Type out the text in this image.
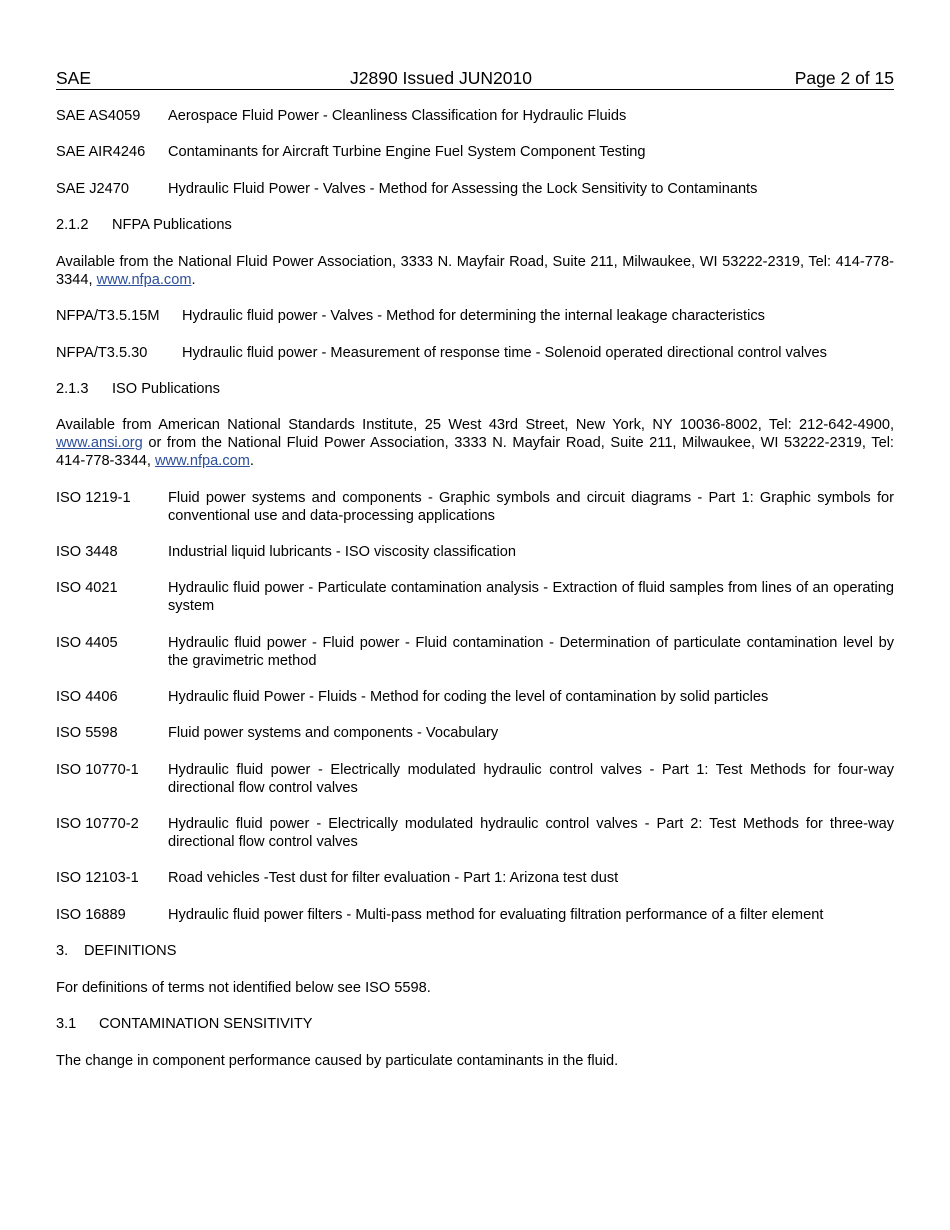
SAE	J2890 Issued JUN2010	Page 2 of 15
SAE AS4059	Aerospace Fluid Power - Cleanliness Classification for Hydraulic Fluids
SAE AIR4246	Contaminants for Aircraft Turbine Engine Fuel System Component Testing
SAE J2470	Hydraulic Fluid Power - Valves - Method for Assessing the Lock Sensitivity to Contaminants
2.1.2 NFPA Publications
Available from the National Fluid Power Association, 3333 N. Mayfair Road, Suite 211, Milwaukee, WI 53222-2319, Tel: 414-778-3344, www.nfpa.com.
NFPA/T3.5.15M	Hydraulic fluid power - Valves - Method for determining the internal leakage characteristics
NFPA/T3.5.30	Hydraulic fluid power - Measurement of response time - Solenoid operated directional control valves
2.1.3 ISO Publications
Available from American National Standards Institute, 25 West 43rd Street, New York, NY 10036-8002, Tel: 212-642-4900, www.ansi.org or from the National Fluid Power Association, 3333 N. Mayfair Road, Suite 211, Milwaukee, WI 53222-2319, Tel: 414-778-3344, www.nfpa.com.
ISO 1219-1	Fluid power systems and components - Graphic symbols and circuit diagrams - Part 1: Graphic symbols for conventional use and data-processing applications
ISO 3448	Industrial liquid lubricants - ISO viscosity classification
ISO 4021	Hydraulic fluid power - Particulate contamination analysis - Extraction of fluid samples from lines of an operating system
ISO 4405	Hydraulic fluid power - Fluid power - Fluid contamination - Determination of particulate contamination level by the gravimetric method
ISO 4406	Hydraulic fluid Power - Fluids - Method for coding the level of contamination by solid particles
ISO 5598	Fluid power systems and components - Vocabulary
ISO 10770-1	Hydraulic fluid power - Electrically modulated hydraulic control valves - Part 1: Test Methods for four-way directional flow control valves
ISO 10770-2	Hydraulic fluid power - Electrically modulated hydraulic control valves - Part 2: Test Methods for three-way directional flow control valves
ISO 12103-1	Road vehicles -Test dust for filter evaluation - Part 1: Arizona test dust
ISO 16889	Hydraulic fluid power filters - Multi-pass method for evaluating filtration performance of a filter element
3. DEFINITIONS
For definitions of terms not identified below see ISO 5598.
3.1 CONTAMINATION SENSITIVITY
The change in component performance caused by particulate contaminants in the fluid.
